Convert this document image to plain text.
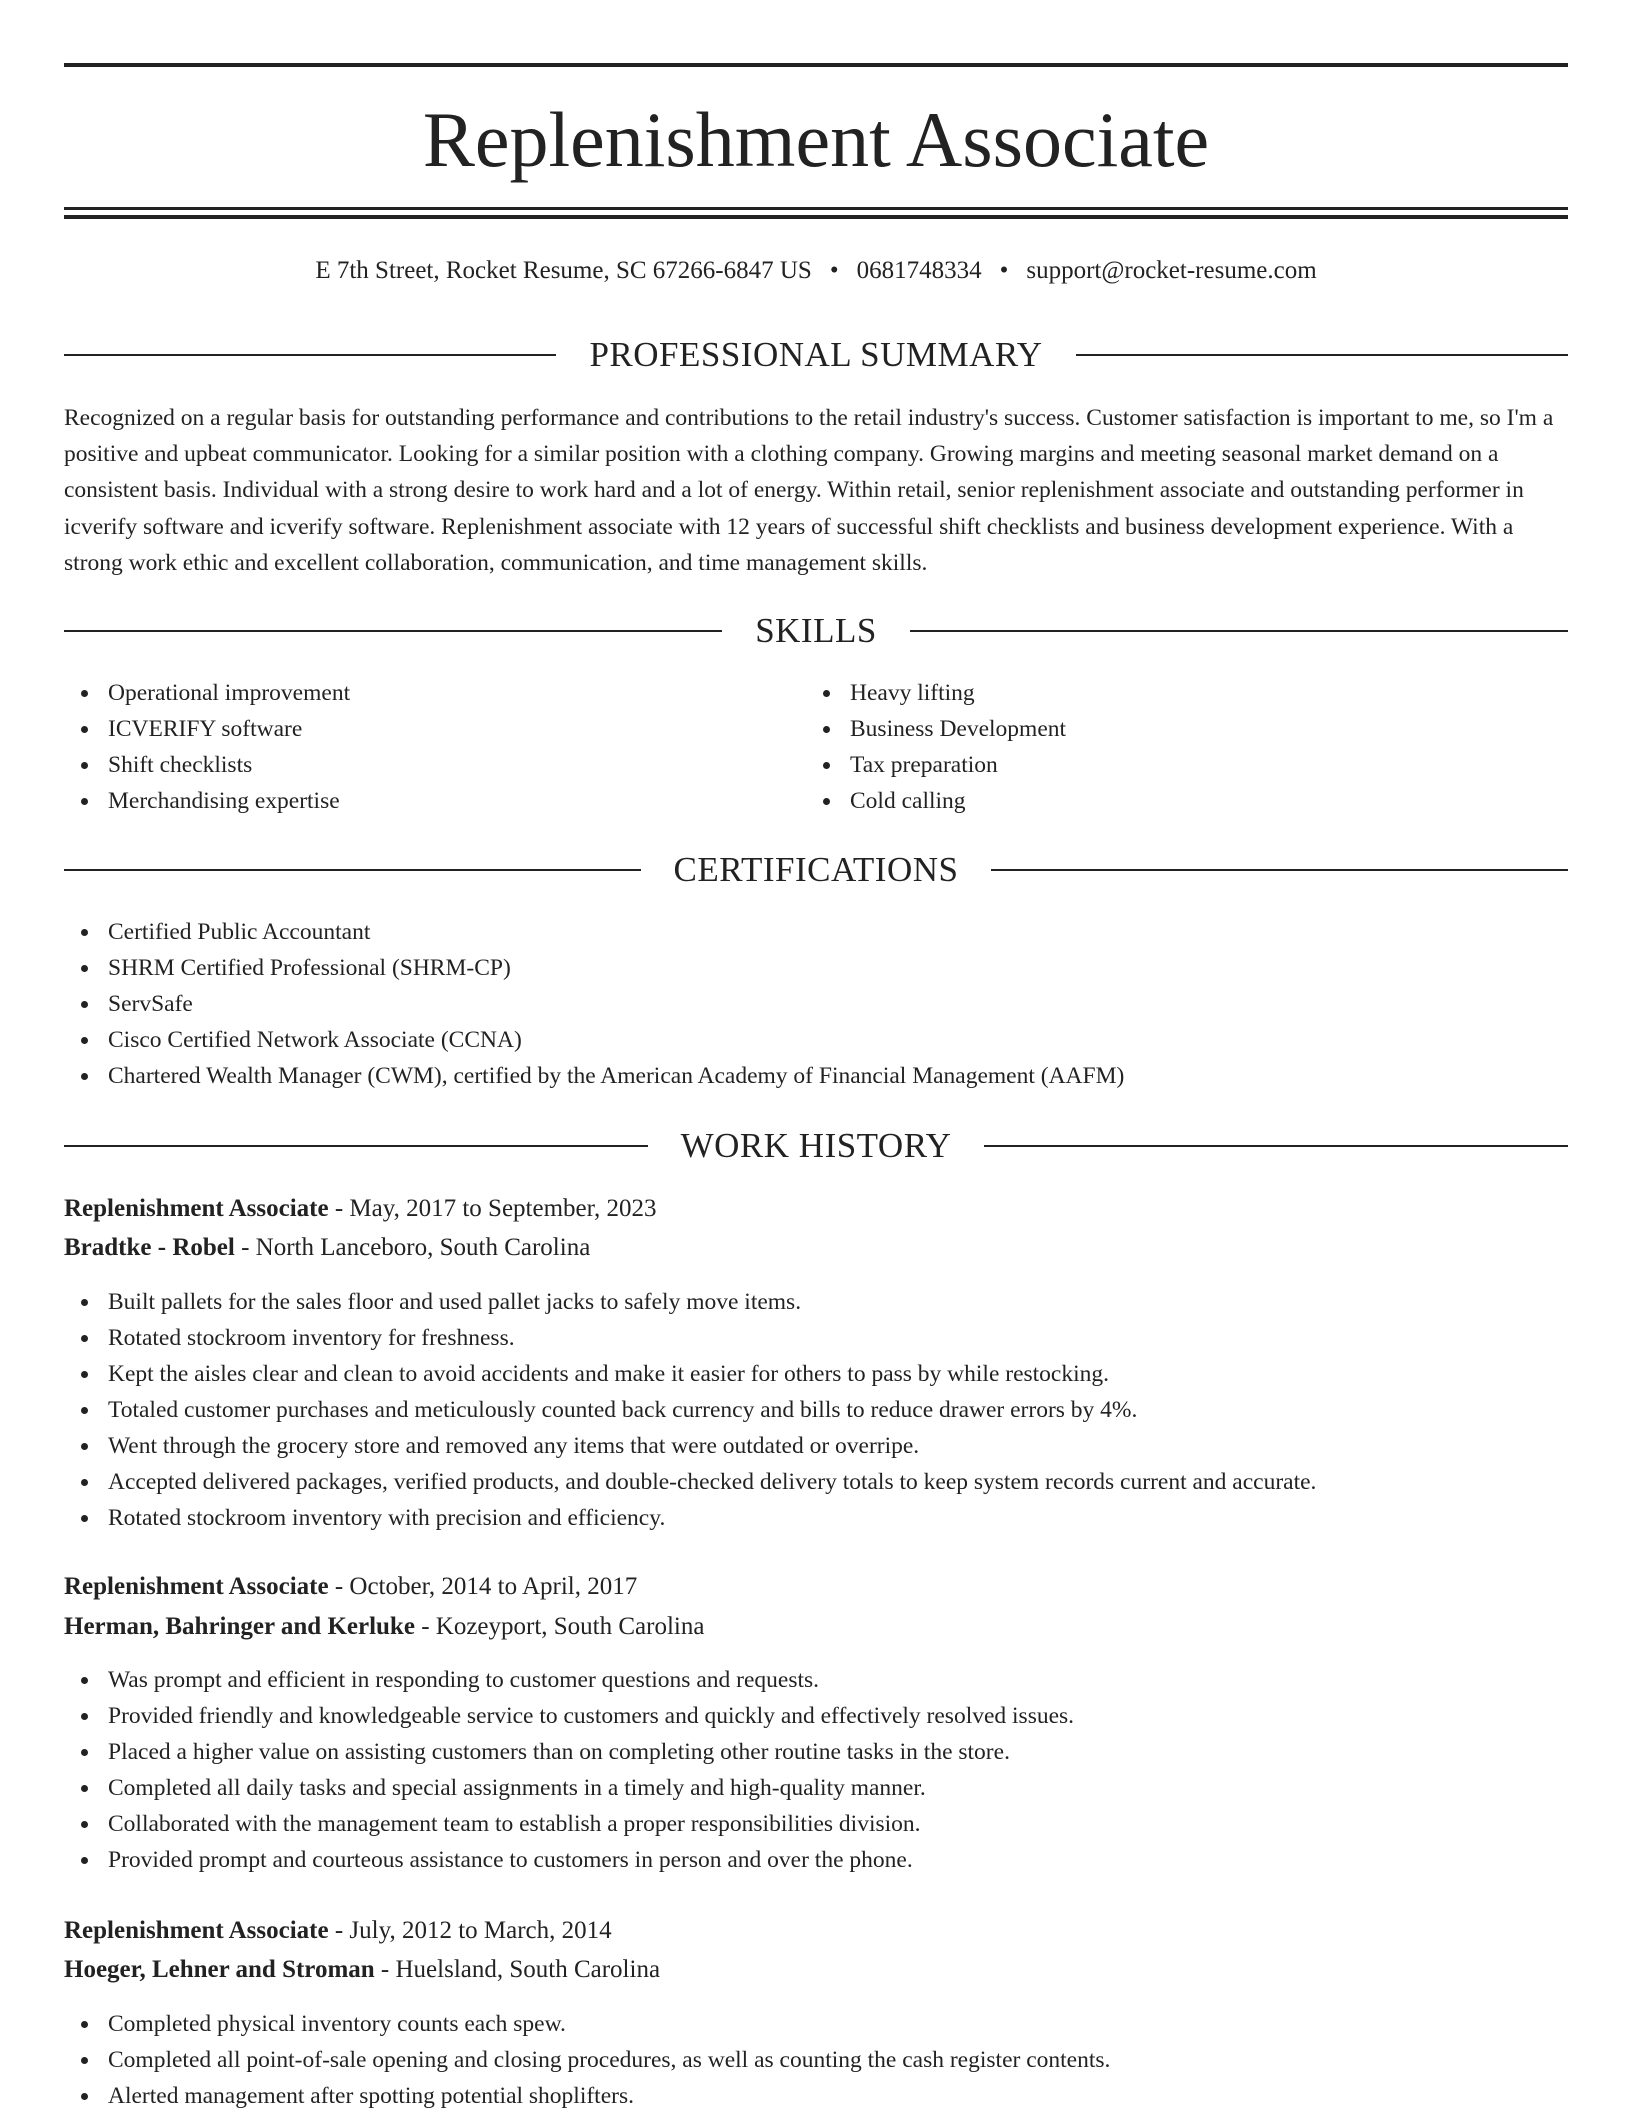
Replenishment Associate
E 7th Street, Rocket Resume, SC 67266-6847 US • 0681748334 • support@rocket-resume.com
PROFESSIONAL SUMMARY

Recognized on a regular basis for outstanding performance and contributions to the retail industry's success. Customer satisfaction is important to me, so I'm a positive and upbeat communicator. Looking for a similar position with a clothing company. Growing margins and meeting seasonal market demand on a consistent basis. Individual with a strong desire to work hard and a lot of energy. Within retail, senior replenishment associate and outstanding performer in icverify software and icverify software. Replenishment associate with 12 years of successful shift checklists and business development experience. With a strong work ethic and excellent collaboration, communication, and time management skills.

SKILLS
Operational improvement
ICVERIFY software
Shift checklists
Merchandising expertise
Heavy lifting
Business Development
Tax preparation
Cold calling
CERTIFICATIONS
Certified Public Accountant
SHRM Certified Professional (SHRM-CP)
ServSafe
Cisco Certified Network Associate (CCNA)
Chartered Wealth Manager (CWM), certified by the American Academy of Financial Management (AAFM)
WORK HISTORY
Replenishment Associate - May, 2017 to September, 2023
Bradtke - Robel - North Lanceboro, South Carolina
Built pallets for the sales floor and used pallet jacks to safely move items.
Rotated stockroom inventory for freshness.
Kept the aisles clear and clean to avoid accidents and make it easier for others to pass by while restocking.
Totaled customer purchases and meticulously counted back currency and bills to reduce drawer errors by 4%.
Went through the grocery store and removed any items that were outdated or overripe.
Accepted delivered packages, verified products, and double-checked delivery totals to keep system records current and accurate.
Rotated stockroom inventory with precision and efficiency.
Replenishment Associate - October, 2014 to April, 2017
Herman, Bahringer and Kerluke - Kozeyport, South Carolina
Was prompt and efficient in responding to customer questions and requests.
Provided friendly and knowledgeable service to customers and quickly and effectively resolved issues.
Placed a higher value on assisting customers than on completing other routine tasks in the store.
Completed all daily tasks and special assignments in a timely and high-quality manner.
Collaborated with the management team to establish a proper responsibilities division.
Provided prompt and courteous assistance to customers in person and over the phone.
Replenishment Associate - July, 2012 to March, 2014
Hoeger, Lehner and Stroman - Huelsland, South Carolina
Completed physical inventory counts each spew.
Completed all point-of-sale opening and closing procedures, as well as counting the cash register contents.
Alerted management after spotting potential shoplifters.
